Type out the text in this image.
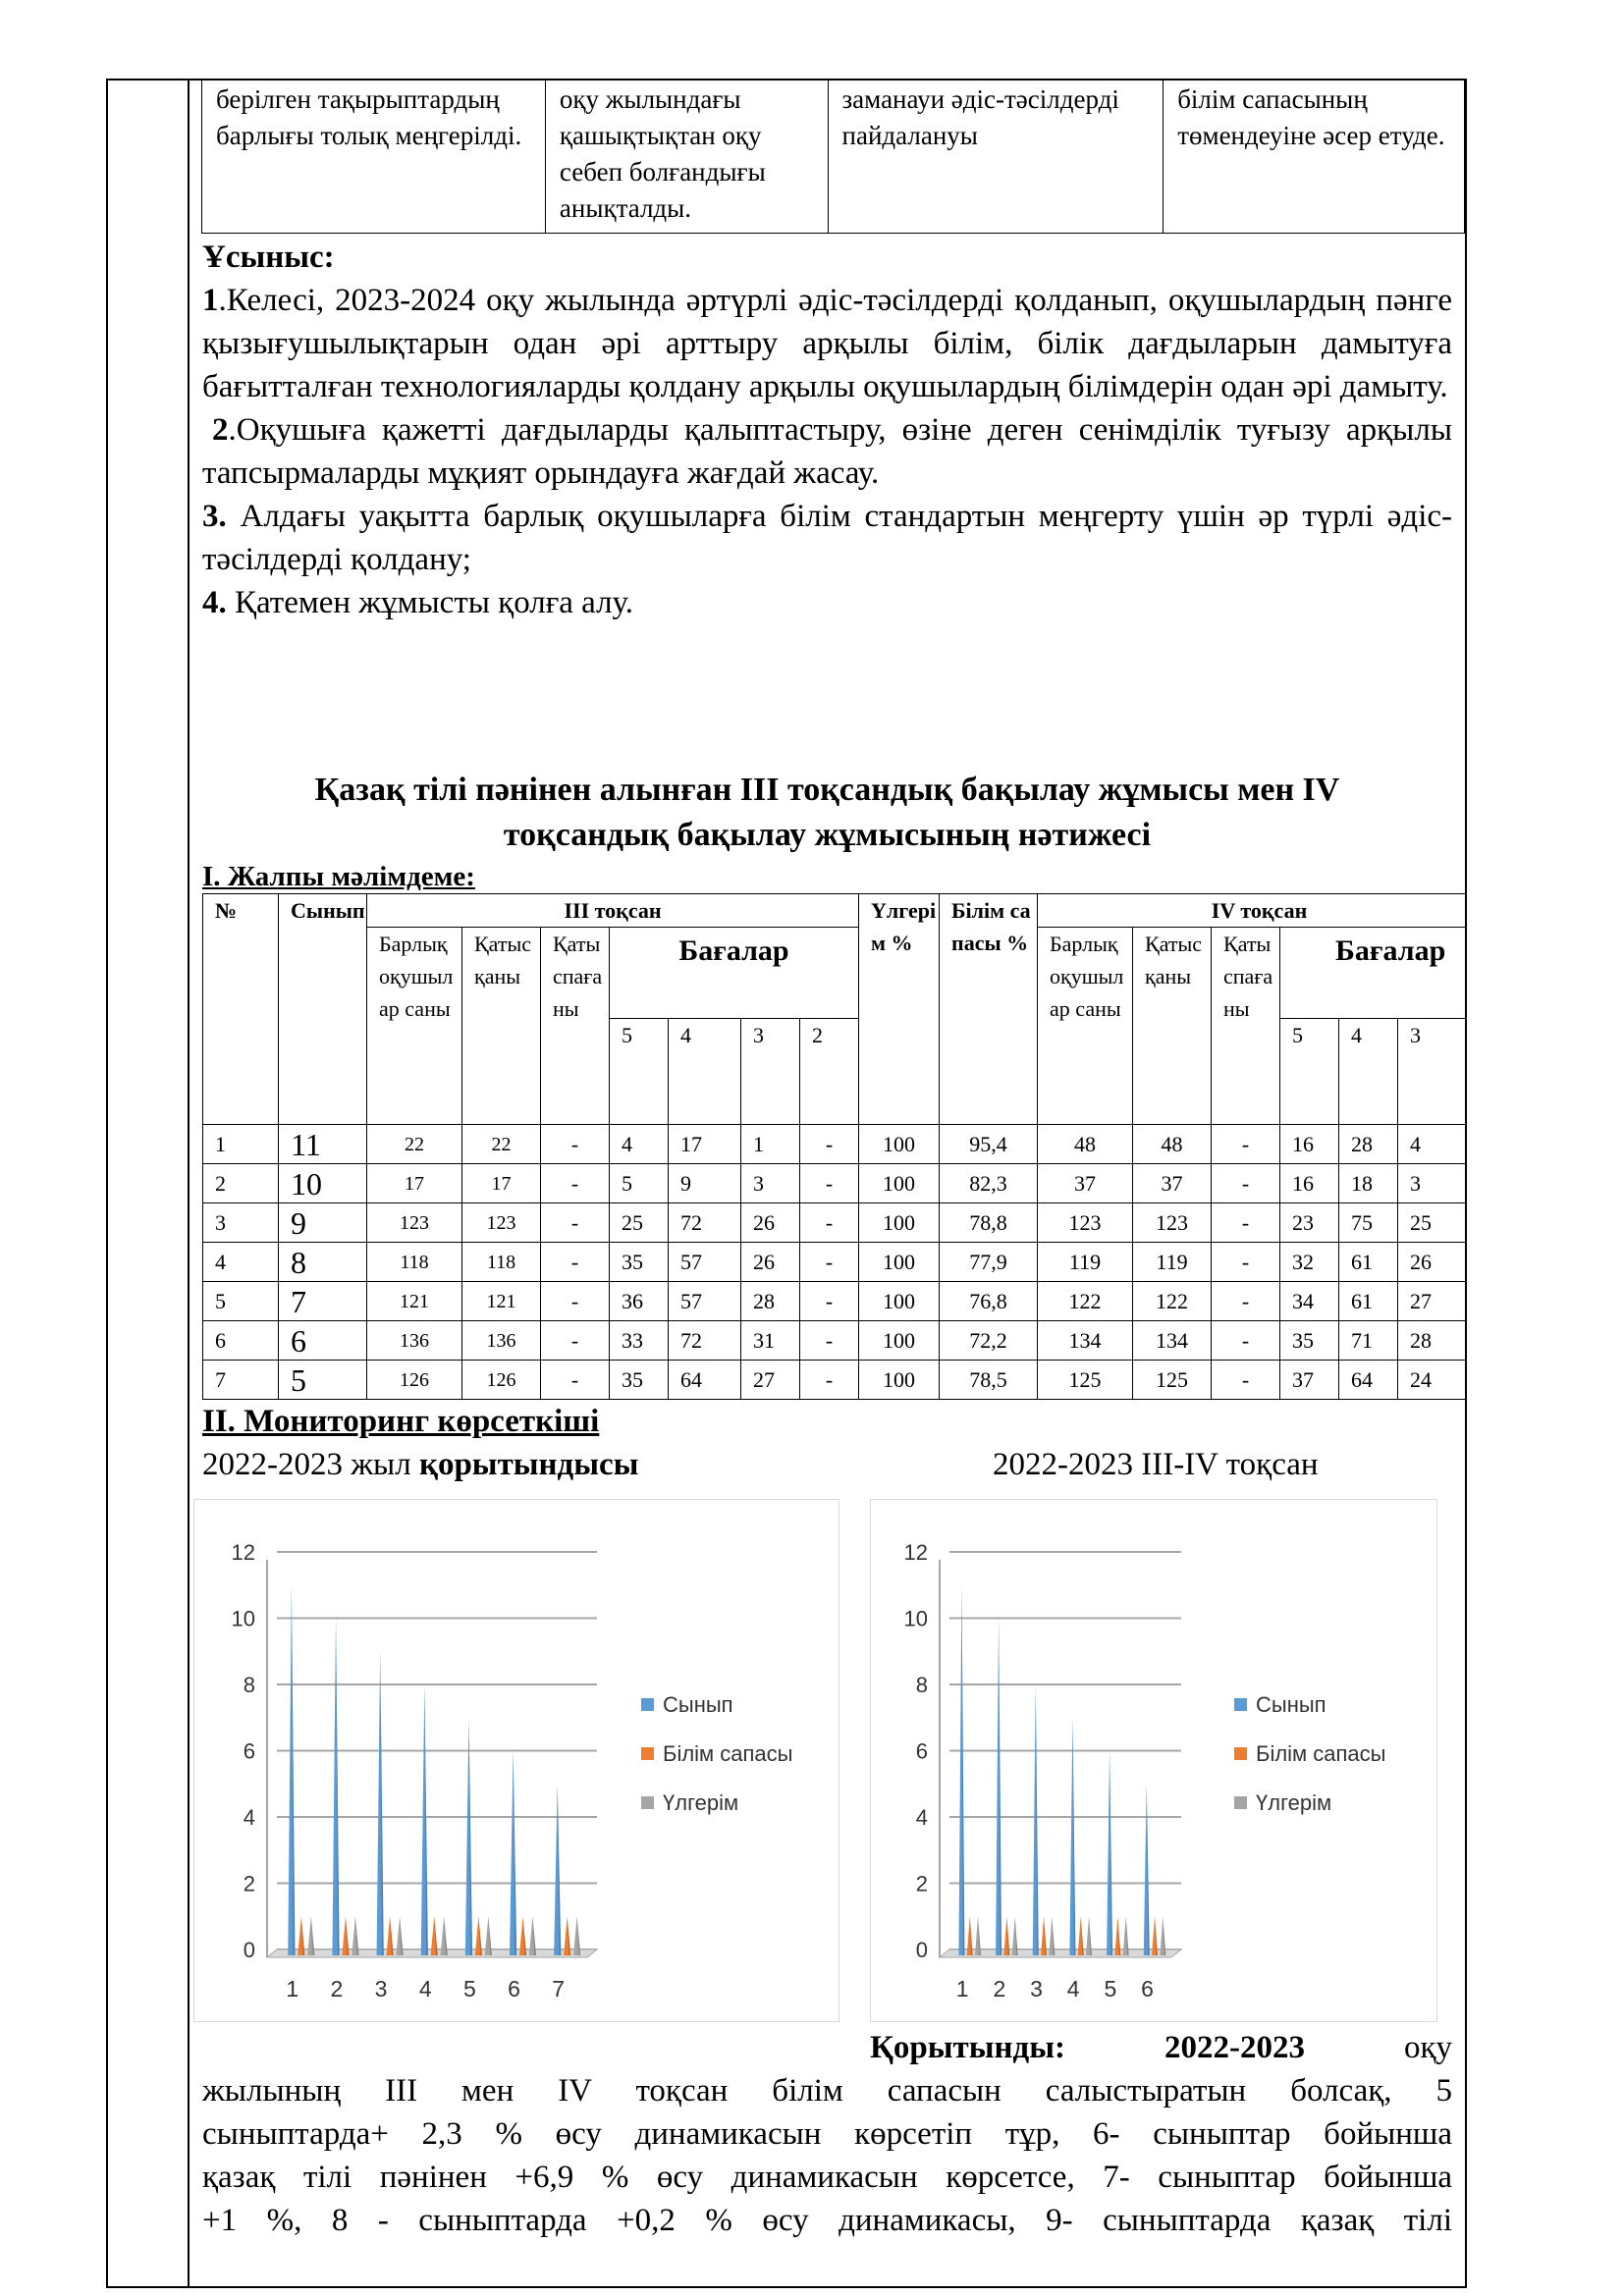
берілген тақырыптардың барлығы толық меңгерілді.	оқу жылындағы қашықтықтан оқу себеп болғандығы анықталды.	заманауи әдіс-тәсілдерді пайдалануы	білім сапасының төмендеуіне әсер етуде.

Ұсыныс:

1.Келесі, 2023-2024 оқу жылында әртүрлі әдіс-тәсілдерді қолданып, оқушылардың пәнге қызығушылықтарын одан әрі арттыру арқылы білім, білік дағдыларын дамытуға бағытталған технологияларды қолдану арқылы оқушылардың білімдерін одан әрі дамыту.

2.Оқушыға қажетті дағдыларды қалыптастыру, өзіне деген сенімділік туғызу арқылы тапсырмаларды мұқият орындауға жағдай жасау.

3. Алдағы уақытта барлық оқушыларға білім стандартын меңгерту үшін әр түрлі әдіс-тәсілдерді қолдану;

4. Қатемен жұмысты қолға алу.

Қазақ тілі пәнінен алынған III тоқсандық бақылау жұмысы мен IV
тоқсандық бақылау жұмысының нәтижесі
І. Жалпы мәлімдеме:
№	Сынып	III тоқсан							Үлгерім %	Білім сапасы %	IV тоқсан					
		Барлық оқушылар саны	Қатысқаны	Қатыспағаны	Бағалар						Барлық оқушылар саны	Қатысқаны	Қатыспағаны	Бағалар		
					5	4	3	2						5	4	3
1	11	22	22	-	4	17	1	-	100	95,4	48	48	-	16	28	4
2	10	17	17	-	5	9	3	-	100	82,3	37	37	-	16	18	3
3	9	123	123	-	25	72	26	-	100	78,8	123	123	-	23	75	25
4	8	118	118	-	35	57	26	-	100	77,9	119	119	-	32	61	26
5	7	121	121	-	36	57	28	-	100	76,8	122	122	-	34	61	27
6	6	136	136	-	33	72	31	-	100	72,2	134	134	-	35	71	28
7	5	126	126	-	35	64	27	-	100	78,5	125	125	-	37	64	24
ІІ. Мониторинг көрсеткіші
2022-2023 жыл қорытындысы	2022-2023 III-IV тоқсан
0
2
4
6
8
10
12
1 2 3 4 5 6 7
Сынып
Білім сапасы
Үлгерім
0
2
4
6
8
10
12
1 2 3 4 5 6
Сынып
Білім сапасы
Үлгерім
Қорытынды:	2022-2023	оқу
жылының III мен IV тоқсан білім сапасын салыстыратын болсақ, 5
сыныптарда+ 2,3 % өсу динамикасын көрсетіп тұр, 6- сыныптар бойынша
қазақ тілі пәнінен +6,9 % өсу динамикасын көрсетсе, 7- сыныптар бойынша
+1 %, 8 - сыныптарда +0,2 % өсу динамикасы, 9- сыныптарда қазақ тілі
